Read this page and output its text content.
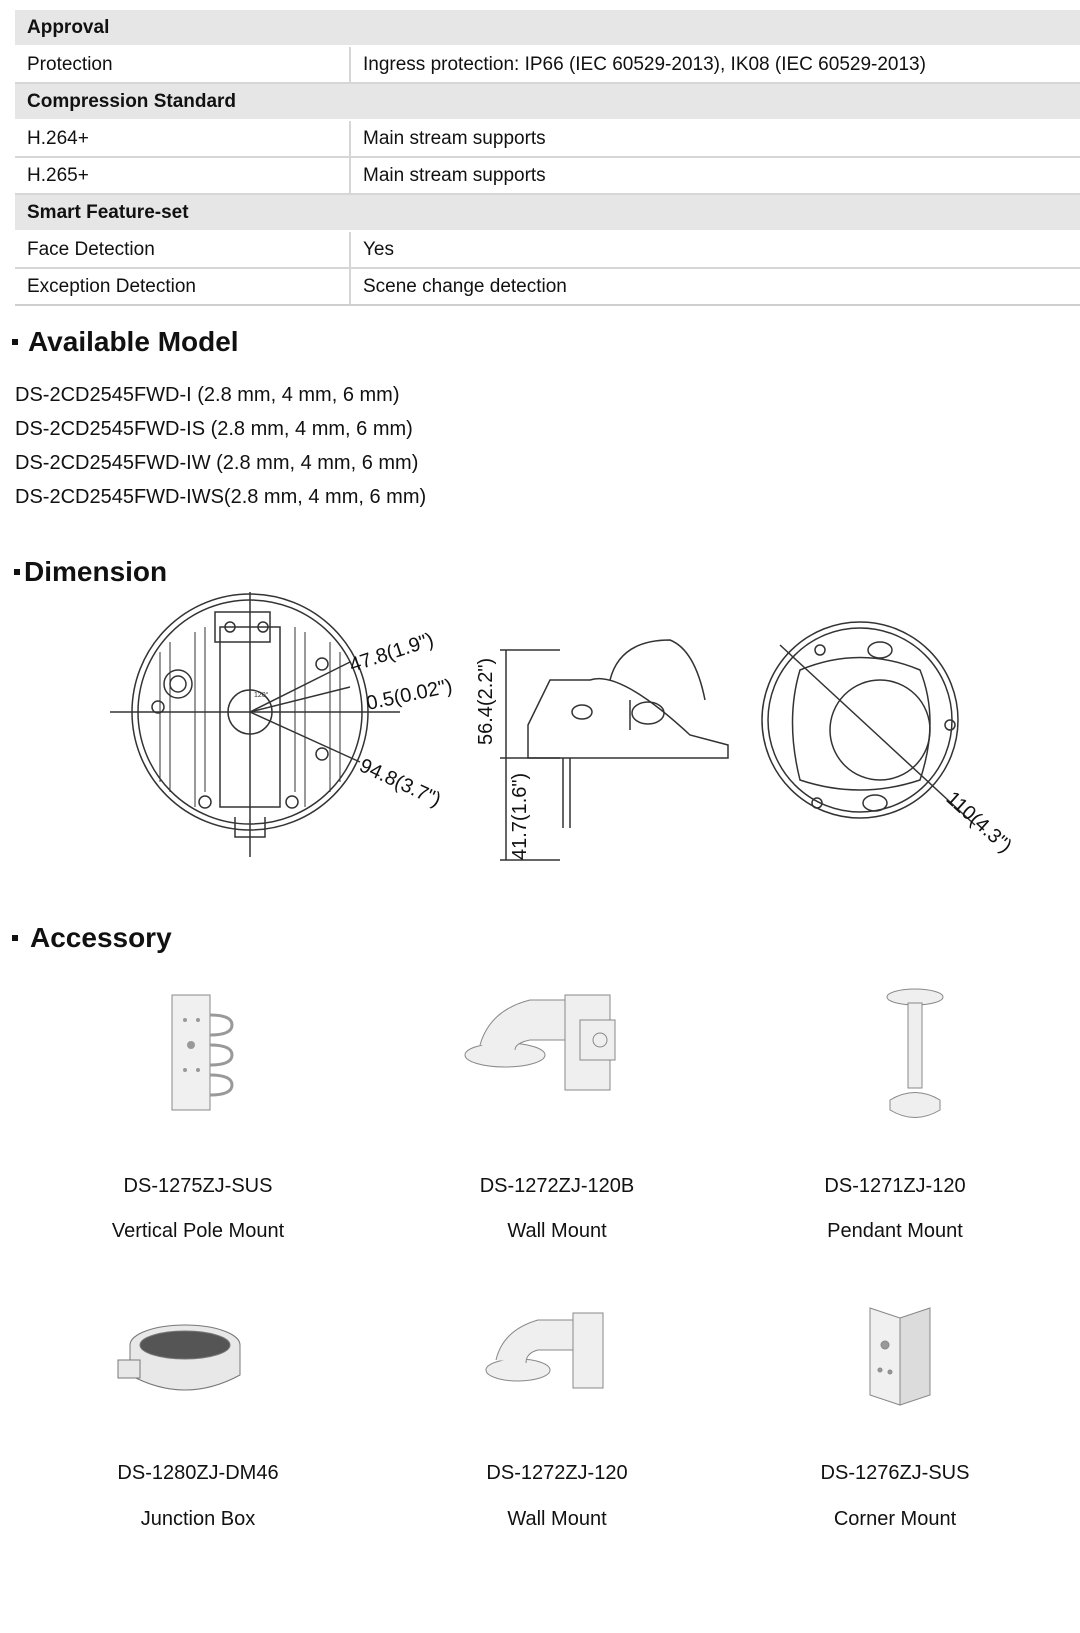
Approval	
Protection	Ingress protection: IP66 (IEC 60529-2013), IK08 (IEC 60529-2013)
Compression Standard	
H.264+	Main stream supports
H.265+	Main stream supports
Smart Feature-set	
Face Detection	Yes
Exception Detection	Scene change detection
Available Model
DS-2CD2545FWD-I (2.8 mm, 4 mm, 6 mm)
DS-2CD2545FWD-IS (2.8 mm, 4 mm, 6 mm)
DS-2CD2545FWD-IW (2.8 mm, 4 mm, 6 mm)
DS-2CD2545FWD-IWS(2.8 mm, 4 mm, 6 mm)
Dimension
47.8(1.9")
0.5(0.02")
94.8(3.7")
120°	56.4(2.2")
41.7(1.6")	110(4.3")
Accessory
DS-1275ZJ-SUS
Vertical Pole Mount
DS-1272ZJ-120B
Wall Mount
DS-1271ZJ-120
Pendant Mount
DS-1280ZJ-DM46
Junction Box
DS-1272ZJ-120
Wall Mount
DS-1276ZJ-SUS
Corner Mount
